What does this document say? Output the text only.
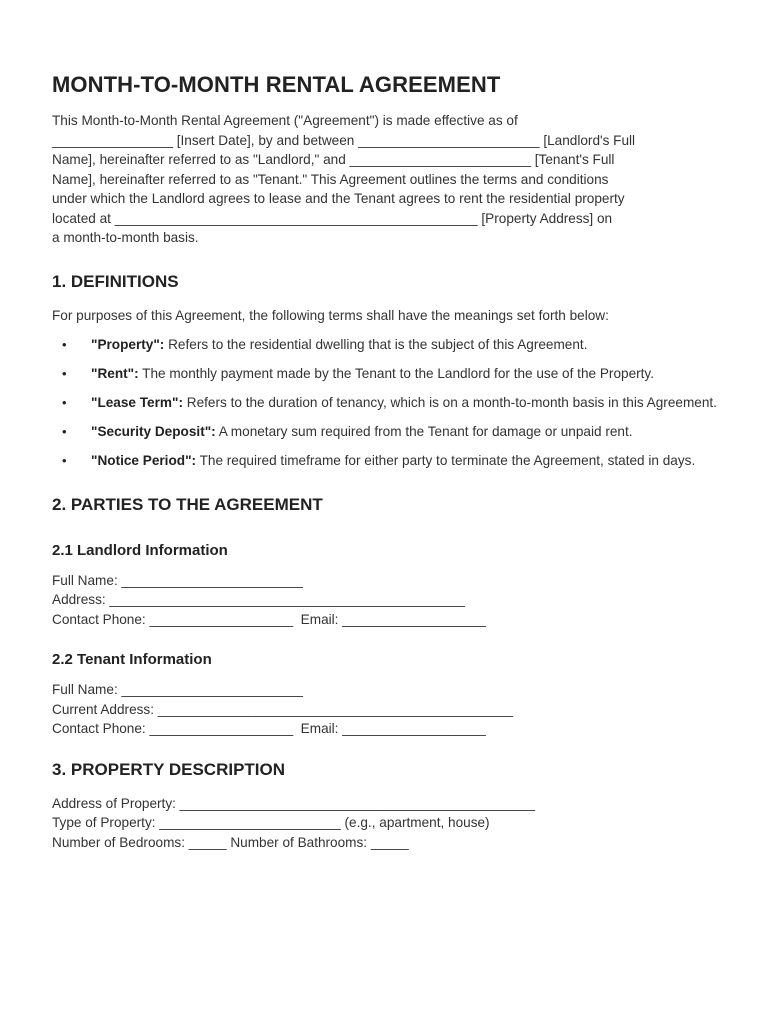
MONTH-TO-MONTH RENTAL AGREEMENT

This Month-to-Month Rental Agreement ("Agreement") is made effective as of
________________ [Insert Date], by and between ________________________ [Landlord's Full
Name], hereinafter referred to as "Landlord," and ________________________ [Tenant's Full
Name], hereinafter referred to as "Tenant." This Agreement outlines the terms and conditions
under which the Landlord agrees to lease and the Tenant agrees to rent the residential property
located at ________________________________________________ [Property Address] on
a month-to-month basis.

1. DEFINITIONS

For purposes of this Agreement, the following terms shall have the meanings set forth below:

• "Property": Refers to the residential dwelling that is the subject of this Agreement.
• "Rent": The monthly payment made by the Tenant to the Landlord for the use of the Property.
• "Lease Term": Refers to the duration of tenancy, which is on a month-to-month basis in this Agreement.
• "Security Deposit": A monetary sum required from the Tenant for damage or unpaid rent.
• "Notice Period": The required timeframe for either party to terminate the Agreement, stated in days.
2. PARTIES TO THE AGREEMENT
2.1 Landlord Information

Full Name: ________________________

Address: _______________________________________________

Contact Phone: ___________________  Email: ___________________

2.2 Tenant Information

Full Name: ________________________

Current Address: _______________________________________________

Contact Phone: ___________________  Email: ___________________

3. PROPERTY DESCRIPTION

Address of Property: _______________________________________________

Type of Property: ________________________ (e.g., apartment, house)

Number of Bedrooms: _____ Number of Bathrooms: _____
